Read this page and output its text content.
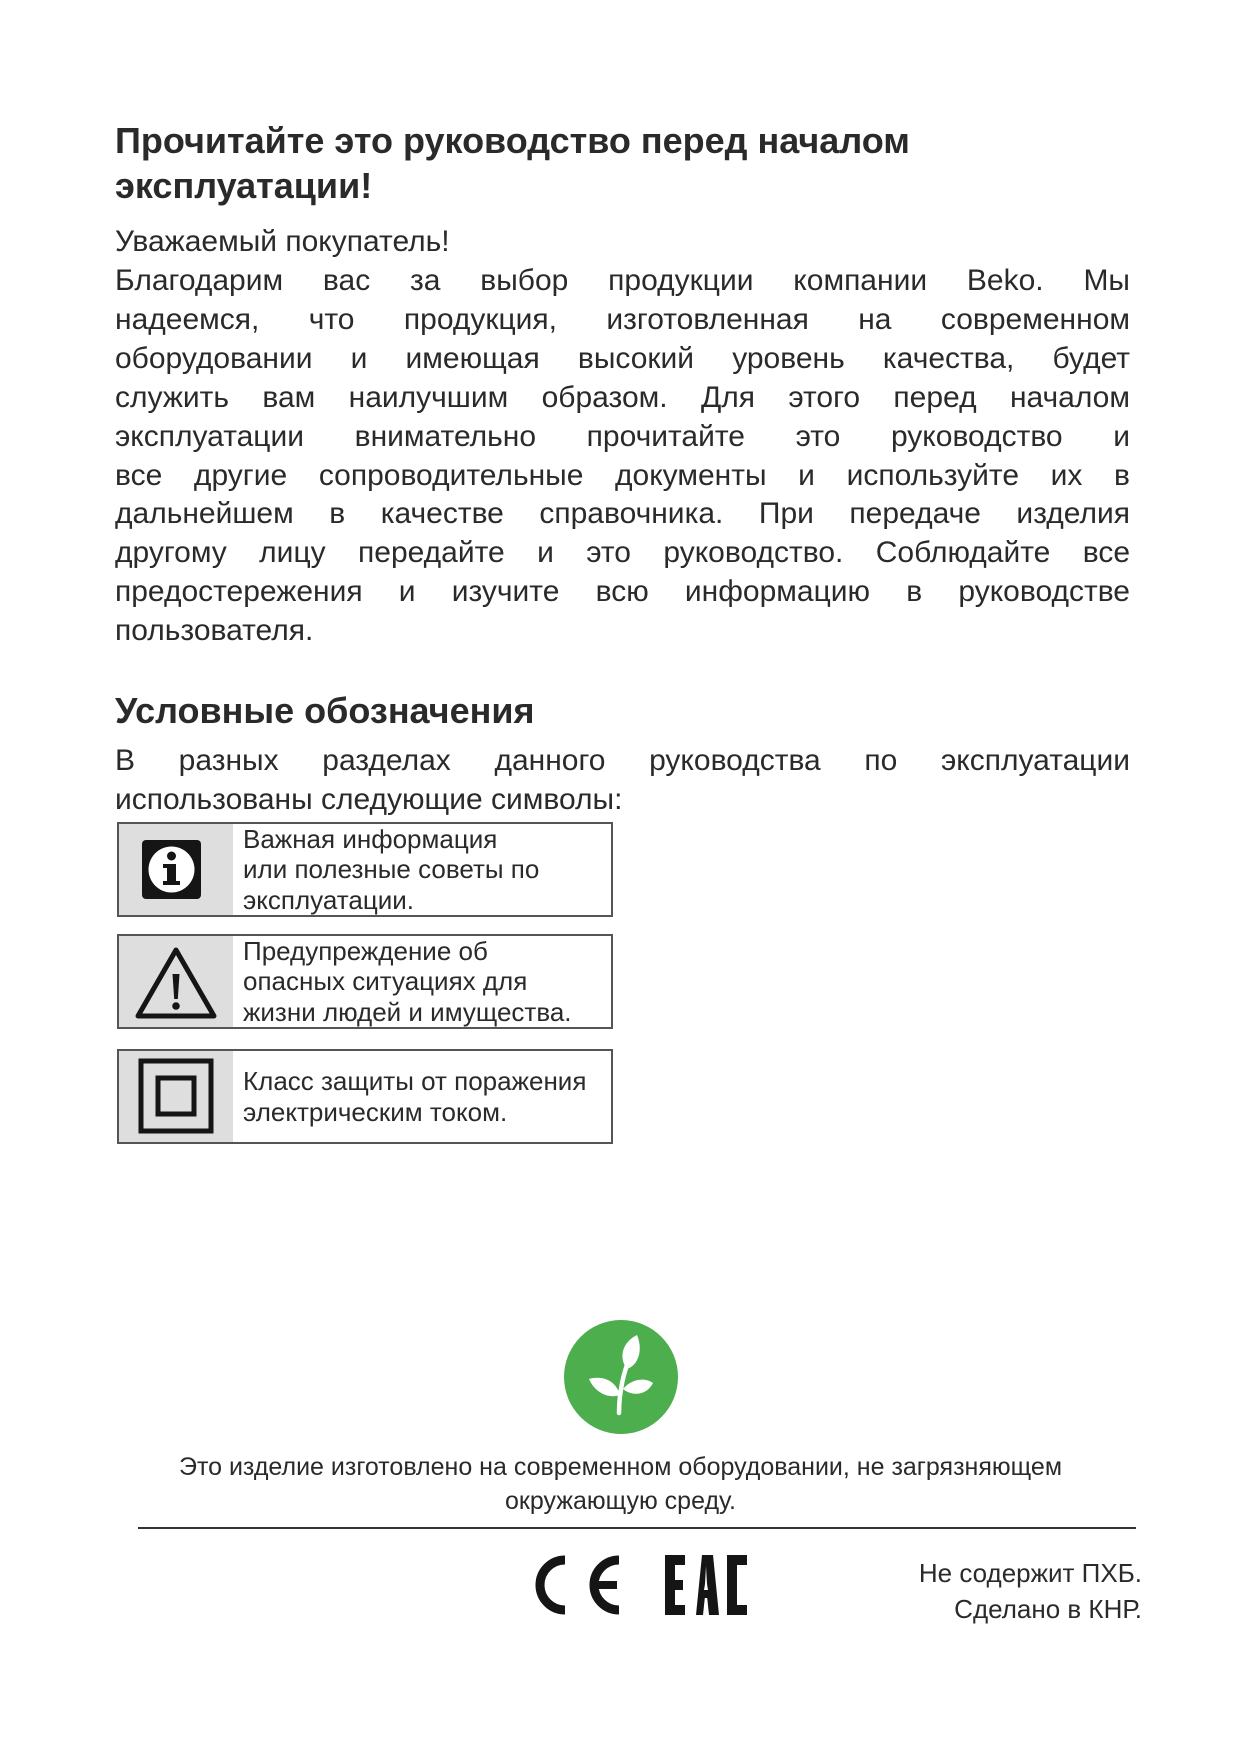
Прочитайте это руководство перед началом
эксплуатации!
Уважаемый покупатель!
Благодарим вас за выбор продукции компании Beko. Мы
надеемся, что продукция, изготовленная на современном
оборудовании и имеющая высокий уровень качества, будет
служить вам наилучшим образом. Для этого перед началом
эксплуатации внимательно прочитайте это руководство и
все другие сопроводительные документы и используйте их в
дальнейшем в качестве справочника. При передаче изделия
другому лицу передайте и это руководство. Соблюдайте все
предостережения и изучите всю информацию в руководстве
пользователя.
Условные обозначения
В разных разделах данного руководства по эксплуатации
использованы следующие символы:
Важная информация
или полезные советы по
эксплуатации.
Предупреждение об
опасных ситуациях для
жизни людей и имущества.
Класс защиты от поражения
электрическим током.
Это изделие изготовлено на современном оборудовании, не загрязняющем
окружающую среду.
Не содержит ПХБ.
Сделано в КНР.
